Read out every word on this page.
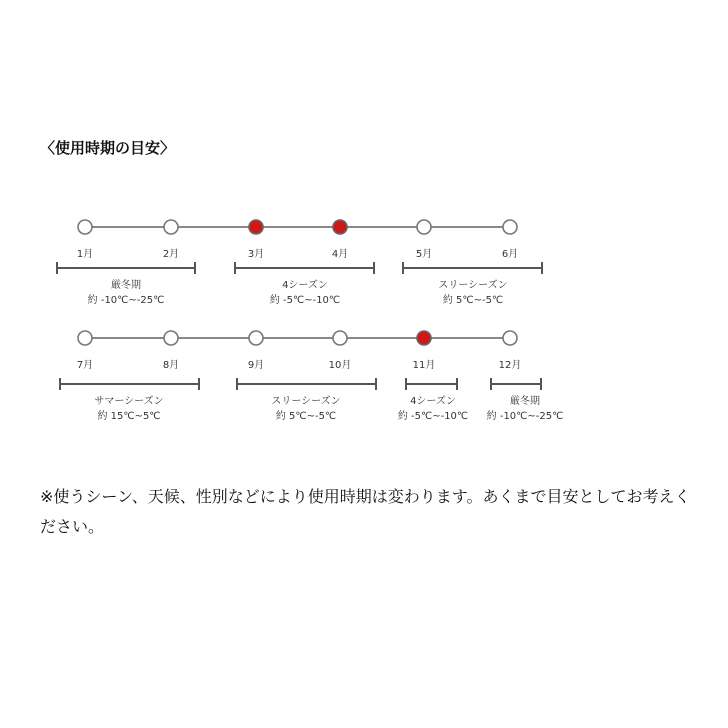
〈使用時期の目安〉
1月	2月	3月	4月	5月	6月
厳冬期
約 -10℃~-25℃
4シーズン
約 -5℃~-10℃
スリーシーズン
約 5℃~-5℃
7月	8月	9月	10月	11月	12月
サマーシーズン
約 15℃~5℃
スリーシーズン
約 5℃~-5℃
4シーズン
約 -5℃~-10℃
厳冬期
約 -10℃~-25℃
※使うシーン、天候、性別などにより使用時期は変わります。あくまで目安としてお考えください。
